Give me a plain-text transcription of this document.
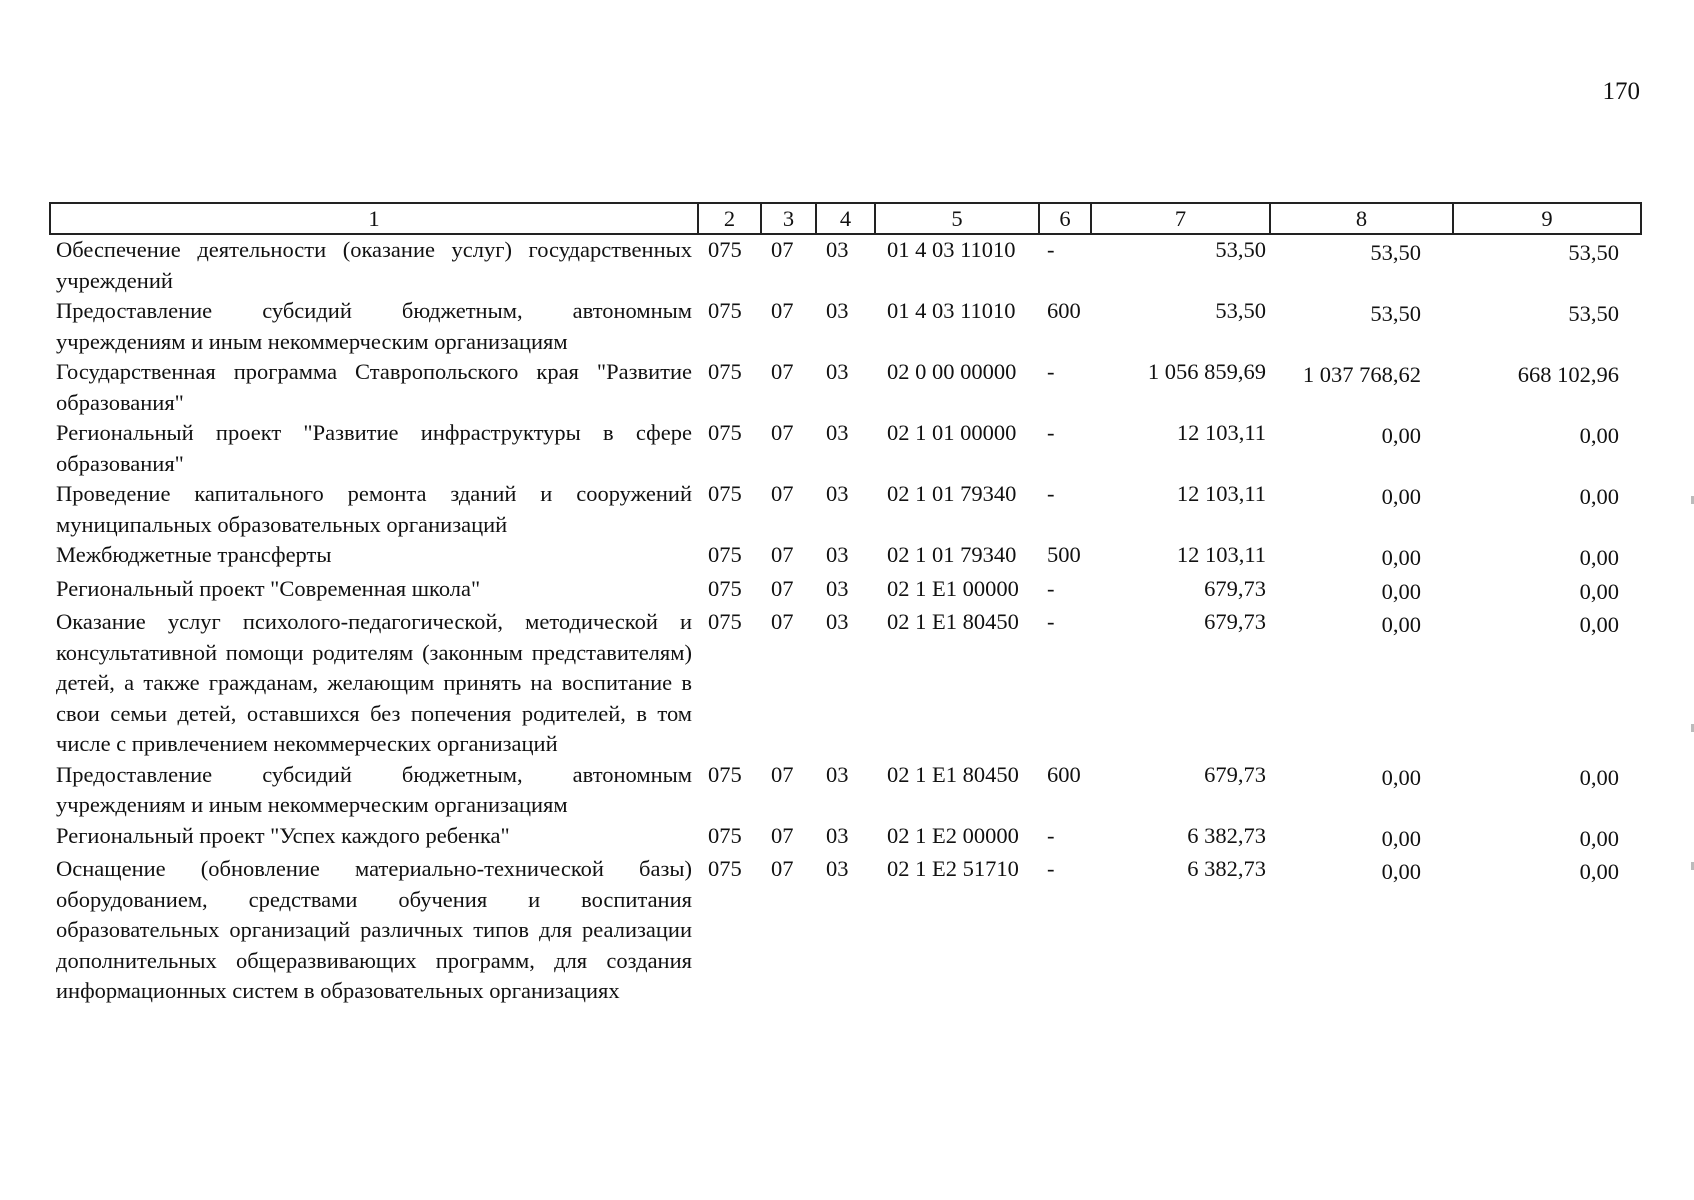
170
1	2	3	4	5	6	7	8	9
Обеспечение деятельности (оказание услуг) государственных учреждений	075	07	03	01 4 03 11010	-	53,50	53,50	53,50
Предоставление субсидий бюджетным, автономным учреждениям и иным некоммерческим организациям	075	07	03	01 4 03 11010	600	53,50	53,50	53,50
Государственная программа Ставропольского края "Развитие образования"	075	07	03	02 0 00 00000	-	1 056 859,69	1 037 768,62	668 102,96
Региональный проект "Развитие инфраструктуры в сфере образования"	075	07	03	02 1 01 00000	-	12 103,11	0,00	0,00
Проведение капитального ремонта зданий и сооружений муниципальных образовательных организаций	075	07	03	02 1 01 79340	-	12 103,11	0,00	0,00
Межбюджетные трансферты	075	07	03	02 1 01 79340	500	12 103,11	0,00	0,00
Региональный проект "Современная школа"	075	07	03	02 1 E1 00000	-	679,73	0,00	0,00
Оказание услуг психолого-педагогической, методической и консультативной помощи родителям (законным представителям) детей, а также гражданам, желающим принять на воспитание в свои семьи детей, оставшихся без попечения родителей, в том числе с привлечением некоммерческих организаций	075	07	03	02 1 E1 80450	-	679,73	0,00	0,00
Предоставление субсидий бюджетным, автономным учреждениям и иным некоммерческим организациям	075	07	03	02 1 E1 80450	600	679,73	0,00	0,00
Региональный проект "Успех каждого ребенка"	075	07	03	02 1 E2 00000	-	6 382,73	0,00	0,00
Оснащение (обновление материально-технической базы) оборудованием, средствами обучения и воспитания образовательных организаций различных типов для реализации дополнительных общеразвивающих программ, для создания информационных систем в образовательных организациях	075	07	03	02 1 E2 51710	-	6 382,73	0,00	0,00
